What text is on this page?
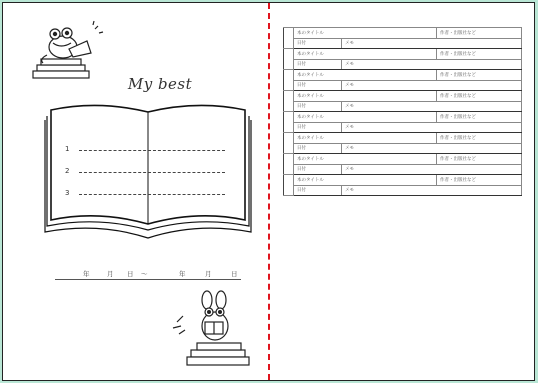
My best
1
2
3
年	月 日 〜	年	月	日
	本のタイトル		作者・出版社など
	日付	メモ	
	本のタイトル		作者・出版社など
	日付	メモ	
	本のタイトル		作者・出版社など
	日付	メモ	
	本のタイトル		作者・出版社など
	日付	メモ	
	本のタイトル		作者・出版社など
	日付	メモ	
	本のタイトル		作者・出版社など
	日付	メモ	
	本のタイトル		作者・出版社など
	日付	メモ	
	本のタイトル		作者・出版社など
	日付	メモ	
